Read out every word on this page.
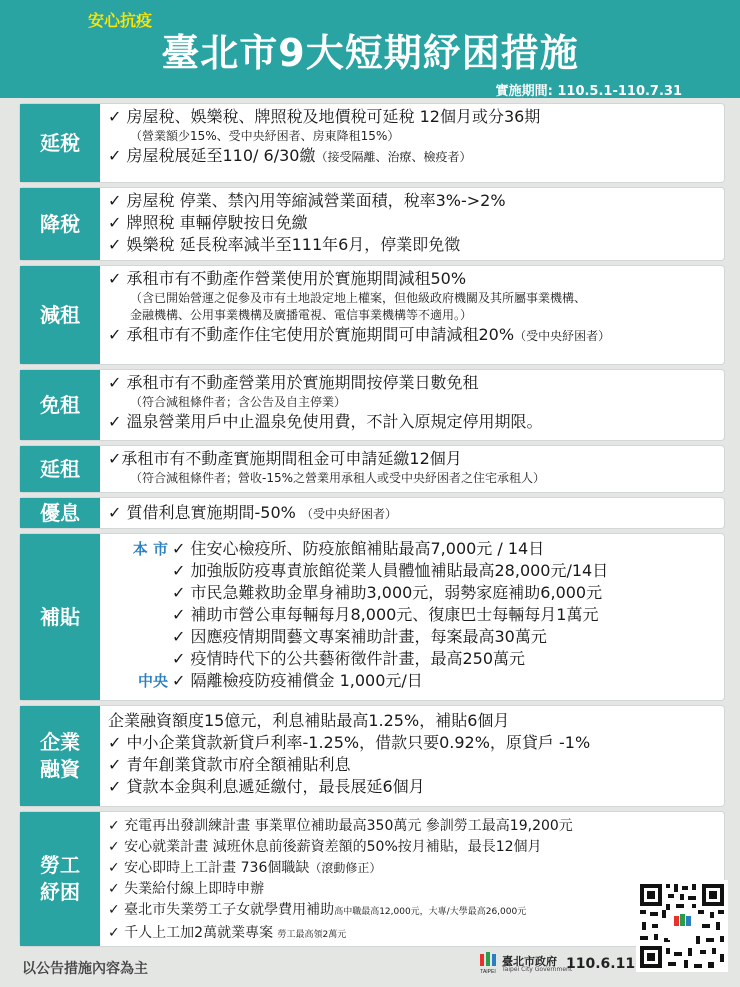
安心抗疫
臺北市9大短期紓困措施
實施期間: 110.5.1-110.7.31
延稅
✓ 房屋稅、娛樂稅、牌照稅及地價稅可延稅 12個月或分36期
（營業額少15%、受中央紓困者、房東降租15%）
✓ 房屋稅展延至110/ 6/30繳（接受隔離、治療、檢疫者）
降稅
✓ 房屋稅 停業、禁內用等縮減營業面積，稅率3%->2%
✓ 牌照稅 車輛停駛按日免繳
✓ 娛樂稅 延長稅率減半至111年6月，停業即免徵
減租
✓ 承租市有不動產作營業使用於實施期間減租50%
（含已開始營運之促參及市有土地設定地上權案，但他級政府機關及其所屬事業機構、
金融機構、公用事業機構及廣播電視、電信事業機構等不適用。）
✓ 承租市有不動產作住宅使用於實施期間可申請減租20%（受中央紓困者）
免租
✓ 承租市有不動產營業用於實施期間按停業日數免租
（符合減租條件者；含公告及自主停業）
✓ 溫泉營業用戶中止溫泉免使用費，不計入原規定停用期限。
延租 ✓承租市有不動產實施期間租金可申請延繳12個月
（符合減租條件者；營收-15%之營業用承租人或受中央紓困者之住宅承租人）
優息 ✓ 質借利息實施期間-50% （受中央紓困者）
補貼
本 市 ✓ 住安心檢疫所、防疫旅館補貼最高7,000元 / 14日
✓ 加強版防疫專責旅館從業人員體恤補貼最高28,000元/14日
✓ 市民急難救助金單身補助3,000元，弱勢家庭補助6,000元
✓ 補助市營公車每輛每月8,000元、復康巴士每輛每月1萬元
✓ 因應疫情期間藝文專案補助計畫，每案最高30萬元
✓ 疫情時代下的公共藝術徵件計畫，最高250萬元
中央 ✓ 隔離檢疫防疫補償金 1,000元/日
企業
融資
企業融資額度15億元，利息補貼最高1.25%，補貼6個月
✓ 中小企業貸款新貸戶利率-1.25%，借款只要0.92%，原貸戶 -1%
✓ 青年創業貸款市府全額補貼利息
✓ 貸款本金與利息遞延繳付，最長展延6個月
勞工
紓困
✓ 充電再出發訓練計畫 事業單位補助最高350萬元 參訓勞工最高19,200元
✓ 安心就業計畫 減班休息前後薪資差額的50%按月補貼，最長12個月
✓ 安心即時上工計畫 736個職缺（滾動修正）
✓ 失業給付線上即時申辦
✓ 臺北市失業勞工子女就學費用補助高中職最高12,000元，大專/大學最高26,000元
✓ 千人上工加2萬就業專案 勞工最高領2萬元
以公告措施內容為主	TAIPEI
臺北市政府
Taipei City Government
110.6.11
